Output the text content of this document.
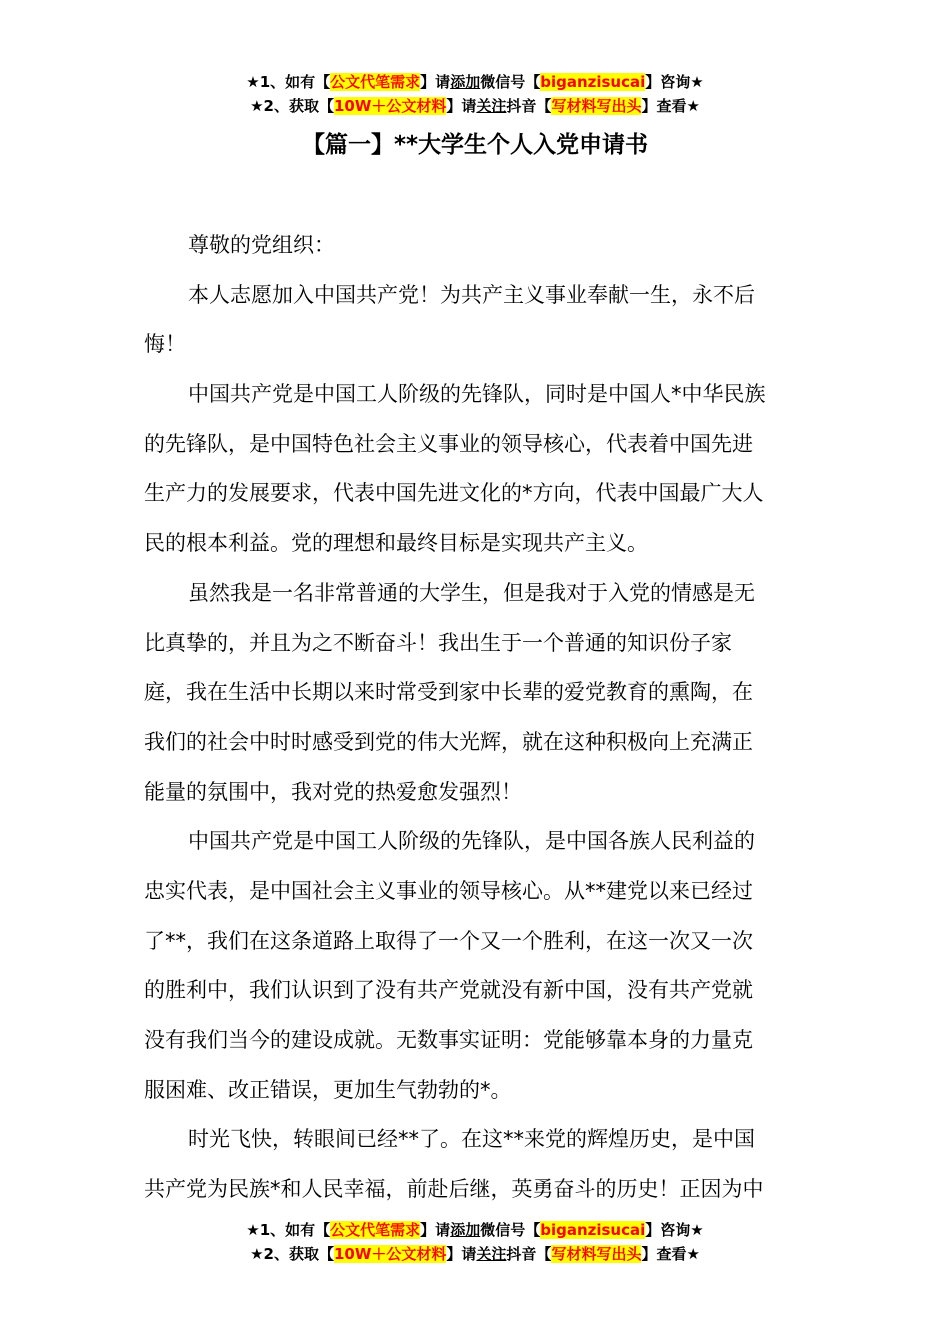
★1、如有【公文代笔需求】请添加微信号【biganzisucai】咨询★
★2、获取【10W＋公文材料】请关注抖音【写材料写出头】查看★
【篇一】**大学生个人入党申请书
尊敬的党组织：
本人志愿加入中国共产党！为共产主义事业奉献一生，永不后
悔！
中国共产党是中国工人阶级的先锋队，同时是中国人*中华民族
的先锋队，是中国特色社会主义事业的领导核心，代表着中国先进
生产力的发展要求，代表中国先进文化的*方向，代表中国最广大人
民的根本利益。党的理想和最终目标是实现共产主义。
虽然我是一名非常普通的大学生，但是我对于入党的情感是无
比真挚的，并且为之不断奋斗！我出生于一个普通的知识份子家
庭，我在生活中长期以来时常受到家中长辈的爱党教育的熏陶，在
我们的社会中时时感受到党的伟大光辉，就在这种积极向上充满正
能量的氛围中，我对党的热爱愈发强烈！
中国共产党是中国工人阶级的先锋队，是中国各族人民利益的
忠实代表，是中国社会主义事业的领导核心。从**建党以来已经过
了**，我们在这条道路上取得了一个又一个胜利，在这一次又一次
的胜利中，我们认识到了没有共产党就没有新中国，没有共产党就
没有我们当今的建设成就。无数事实证明：党能够靠本身的力量克
服困难、改正错误，更加生气勃勃的*。
时光飞快，转眼间已经**了。在这**来党的辉煌历史，是中国
共产党为民族*和人民幸福，前赴后继，英勇奋斗的历史！正因为中
★1、如有【公文代笔需求】请添加微信号【biganzisucai】咨询★
★2、获取【10W＋公文材料】请关注抖音【写材料写出头】查看★
